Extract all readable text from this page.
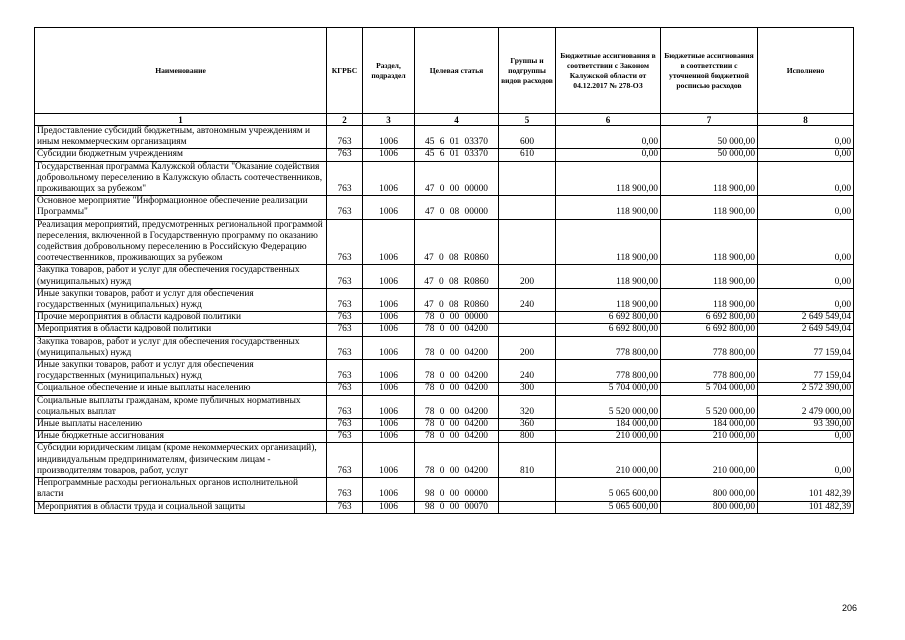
Наименование	КГРБС	Раздел, подраздел	Целевая статья	Группы и подгруппы видов расходов	Бюджетные ассигнования в соответствии с Законом Калужской области от 04.12.2017 № 278-ОЗ	Бюджетные ассигнования в соответствии с уточненной бюджетной росписью расходов	Исполнено
1	2	3	4	5	6	7	8
Предоставление субсидий бюджетным, автономным учреждениям и иным некоммерческим организациям	763	1006	45 6 01 03370	600	0,00	50 000,00	0,00
Субсидии бюджетным учреждениям	763	1006	45 6 01 03370	610	0,00	50 000,00	0,00
Государственная программа Калужской области "Оказание содействия добровольному переселению в Калужскую область соотечественников, проживающих за рубежом"	763	1006	47 0 00 00000		118 900,00	118 900,00	0,00
Основное мероприятие "Информационное обеспечение реализации Программы"	763	1006	47 0 08 00000		118 900,00	118 900,00	0,00
Реализация мероприятий, предусмотренных региональной программой переселения, включенной в Государственную программу по оказанию содействия добровольному переселению в Российскую Федерацию соотечественников, проживающих за рубежом	763	1006	47 0 08 R0860		118 900,00	118 900,00	0,00
Закупка товаров, работ и услуг для обеспечения государственных (муниципальных) нужд	763	1006	47 0 08 R0860	200	118 900,00	118 900,00	0,00
Иные закупки товаров, работ и услуг для обеспечения государственных (муниципальных) нужд	763	1006	47 0 08 R0860	240	118 900,00	118 900,00	0,00
Прочие мероприятия в области кадровой политики	763	1006	78 0 00 00000		6 692 800,00	6 692 800,00	2 649 549,04
Мероприятия в области кадровой политики	763	1006	78 0 00 04200		6 692 800,00	6 692 800,00	2 649 549,04
Закупка товаров, работ и услуг для обеспечения государственных (муниципальных) нужд	763	1006	78 0 00 04200	200	778 800,00	778 800,00	77 159,04
Иные закупки товаров, работ и услуг для обеспечения государственных (муниципальных) нужд	763	1006	78 0 00 04200	240	778 800,00	778 800,00	77 159,04
Социальное обеспечение и иные выплаты населению	763	1006	78 0 00 04200	300	5 704 000,00	5 704 000,00	2 572 390,00
Социальные выплаты гражданам, кроме публичных нормативных социальных выплат	763	1006	78 0 00 04200	320	5 520 000,00	5 520 000,00	2 479 000,00
Иные выплаты населению	763	1006	78 0 00 04200	360	184 000,00	184 000,00	93 390,00
Иные бюджетные ассигнования	763	1006	78 0 00 04200	800	210 000,00	210 000,00	0,00
Субсидии юридическим лицам (кроме некоммерческих организаций), индивидуальным предпринимателям, физическим лицам - производителям товаров, работ, услуг	763	1006	78 0 00 04200	810	210 000,00	210 000,00	0,00
Непрограммные расходы региональных органов исполнительной власти	763	1006	98 0 00 00000		5 065 600,00	800 000,00	101 482,39
Мероприятия в области труда и социальной защиты	763	1006	98 0 00 00070		5 065 600,00	800 000,00	101 482,39
206
